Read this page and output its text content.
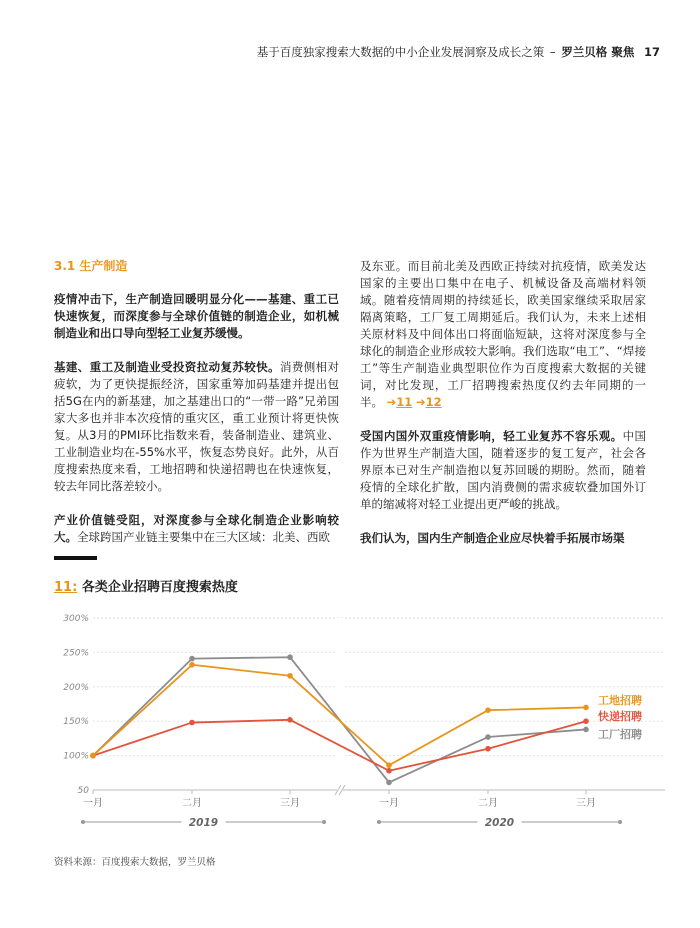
基于百度独家搜索大数据的中小企业发展洞察及成长之策 – 罗兰贝格 聚焦 17

3.1 生产制造

疫情冲击下，生产制造回暖明显分化——基建、重工已快速恢复，而深度参与全球价值链的制造企业，如机械制造业和出口导向型轻工业复苏缓慢。

基建、重工及制造业受投资拉动复苏较快。消费侧相对疲软，为了更快提振经济，国家重筹加码基建并提出包括5G在内的新基建，加之基建出口的“一带一路”兄弟国家大多也并非本次疫情的重灾区，重工业预计将更快恢复。从3月的PMI环比指数来看，装备制造业、建筑业、工业制造业均在-55%水平，恢复态势良好。此外，从百度搜索热度来看，工地招聘和快递招聘也在快速恢复，较去年同比落差较小。

产业价值链受阻，对深度参与全球化制造企业影响较大。全球跨国产业链主要集中在三大区域：北美、西欧

及东亚。而目前北美及西欧正持续对抗疫情，欧美发达国家的主要出口集中在电子、机械设备及高端材料领域。随着疫情周期的持续延长，欧美国家继续采取居家隔离策略，工厂复工周期延后。我们认为，未来上述相关原材料及中间体出口将面临短缺，这将对深度参与全球化的制造企业形成较大影响。我们选取“电工”、“焊接工”等生产制造业典型职位作为百度搜索大数据的关键词，对比发现，工厂招聘搜索热度仅约去年同期的一半。 ➔11 ➔12

受国内国外双重疫情影响，轻工业复苏不容乐观。中国作为世界生产制造大国，随着逐步的复工复产，社会各界原本已对生产制造抱以复苏回暖的期盼。然而，随着疫情的全球化扩散，国内消费侧的需求疲软叠加国外订单的缩减将对轻工业提出更严峻的挑战。

我们认为，国内生产制造企业应尽快着手拓展市场渠

11: 各类企业招聘百度搜索热度
50
100%
150%
200%
250%
300%
一月	二月	三月	一月	二月	三月
2019	2020
工地招聘
快递招聘
工厂招聘
资料来源：百度搜索大数据，罗兰贝格
